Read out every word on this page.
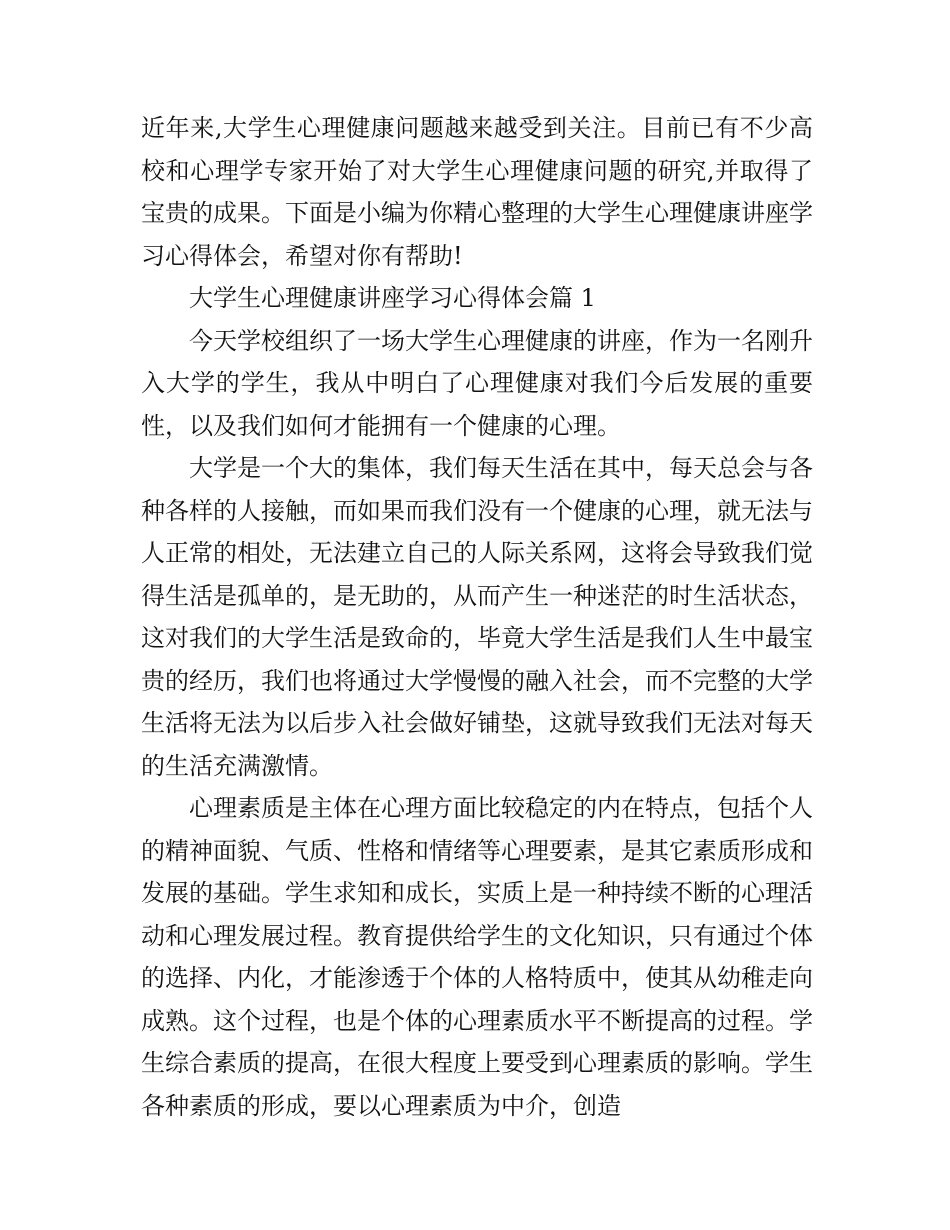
近年来,大学生心理健康问题越来越受到关注。目前已有不少高校和心理学专家开始了对大学生心理健康问题的研究,并取得了宝贵的成果。下面是小编为你精心整理的大学生心理健康讲座学习心得体会，希望对你有帮助!

大学生心理健康讲座学习心得体会篇 1

今天学校组织了一场大学生心理健康的讲座，作为一名刚升入大学的学生，我从中明白了心理健康对我们今后发展的重要性，以及我们如何才能拥有一个健康的心理。

大学是一个大的集体，我们每天生活在其中，每天总会与各种各样的人接触，而如果而我们没有一个健康的心理，就无法与人正常的相处，无法建立自己的人际关系网，这将会导致我们觉得生活是孤单的，是无助的，从而产生一种迷茫的时生活状态，这对我们的大学生活是致命的，毕竟大学生活是我们人生中最宝贵的经历，我们也将通过大学慢慢的融入社会，而不完整的大学生活将无法为以后步入社会做好铺垫，这就导致我们无法对每天的生活充满激情。

心理素质是主体在心理方面比较稳定的内在特点，包括个人的精神面貌、气质、性格和情绪等心理要素，是其它素质形成和发展的基础。学生求知和成长，实质上是一种持续不断的心理活动和心理发展过程。教育提供给学生的文化知识，只有通过个体的选择、内化，才能渗透于个体的人格特质中，使其从幼稚走向成熟。这个过程，也是个体的心理素质水平不断提高的过程。学生综合素质的提高，在很大程度上要受到心理素质的影响。学生各种素质的形成，要以心理素质为中介，创造
